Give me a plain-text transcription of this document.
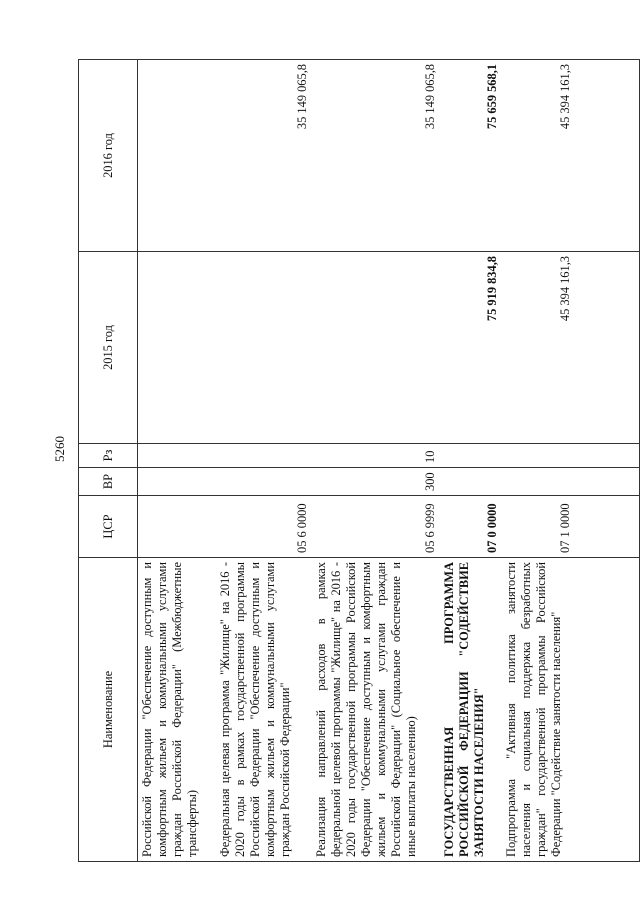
5260
Наименование	ЦСР	ВР	Рз	2015 год	2016 год
Российской Федерации "Обеспечение доступным и комфортным жильем и коммунальными услугами граждан Российской Федерации" (Межбюджетные трансферты)					
Федеральная целевая программа "Жилище" на 2016 - 2020 годы в рамках государственной программы Российской Федерации "Обеспечение доступным и комфортным жильем и коммунальными услугами граждан Российской Федерации"	05 6 0000				35 149 065,8
Реализация направлений расходов в рамках федеральной целевой программы "Жилище" на 2016 - 2020 годы государственной программы Российской Федерации "Обеспечение доступным и комфортным жильем и коммунальными услугами граждан Российской Федерации" (Социальное обеспечение и иные выплаты населению)	05 6 9999	300	10		35 149 065,8
ГОСУДАРСТВЕННАЯ ПРОГРАММА РОССИЙСКОЙ ФЕДЕРАЦИИ "СОДЕЙСТВИЕ ЗАНЯТОСТИ НАСЕЛЕНИЯ"	07 0 0000			75 919 834,8	75 659 568,1
Подпрограмма "Активная политика занятости населения и социальная поддержка безработных граждан" государственной программы Российской Федерации "Содействие занятости населения"	07 1 0000			45 394 161,3	45 394 161,3
